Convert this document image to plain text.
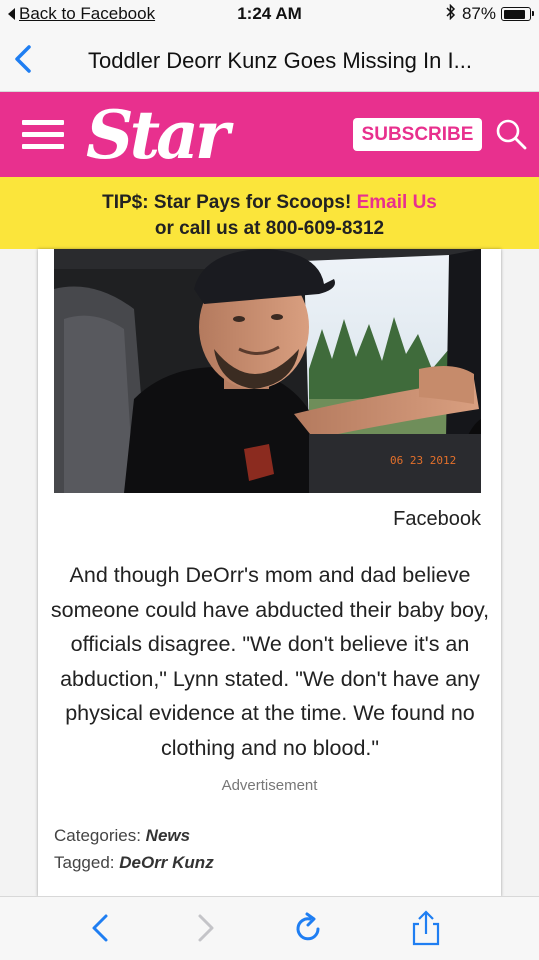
Back to Facebook	1:24 AM	87%
Toddler Deorr Kunz Goes Missing In I...
Star	SUBSCRIBE
TIP$: Star Pays for Scoops! Email Us
or call us at 800-609-8312
06 23 2012
Facebook

And though DeOrr's mom and dad believe someone could have abducted their baby boy, officials disagree. "We don't believe it's an abduction," Lynn stated. "We don't have any physical evidence at the time. We found no clothing and no blood."

Advertisement
Categories: News
Tagged: DeOrr Kunz
